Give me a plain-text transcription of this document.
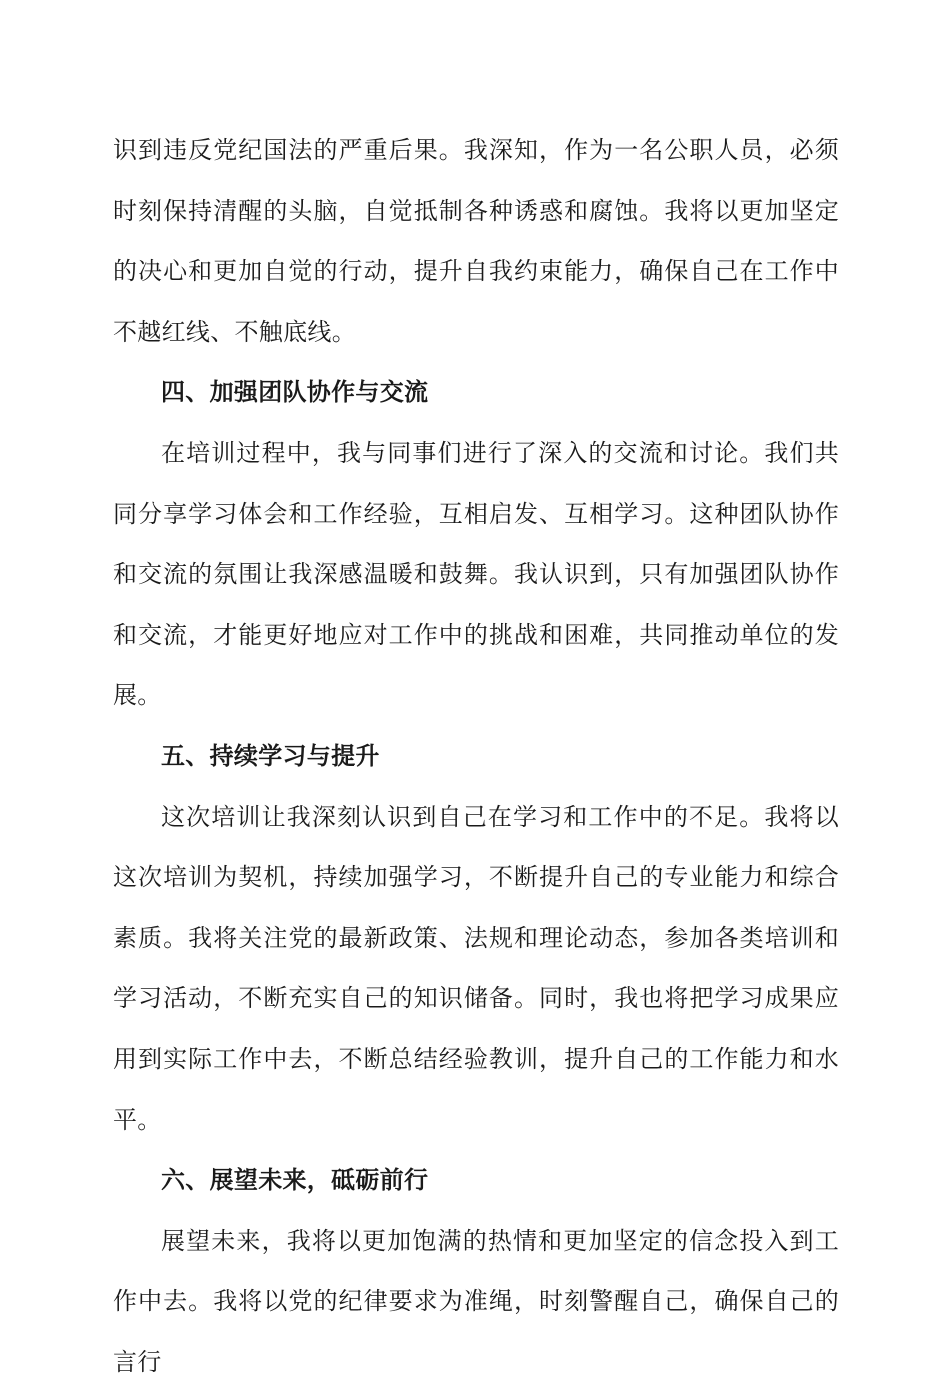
识到违反党纪国法的严重后果。我深知，作为一名公职人员，必须时刻保持清醒的头脑，自觉抵制各种诱惑和腐蚀。我将以更加坚定的决心和更加自觉的行动，提升自我约束能力，确保自己在工作中不越红线、不触底线。

四、加强团队协作与交流

在培训过程中，我与同事们进行了深入的交流和讨论。我们共同分享学习体会和工作经验，互相启发、互相学习。这种团队协作和交流的氛围让我深感温暖和鼓舞。我认识到，只有加强团队协作和交流，才能更好地应对工作中的挑战和困难，共同推动单位的发展。

五、持续学习与提升

这次培训让我深刻认识到自己在学习和工作中的不足。我将以这次培训为契机，持续加强学习，不断提升自己的专业能力和综合素质。我将关注党的最新政策、法规和理论动态，参加各类培训和学习活动，不断充实自己的知识储备。同时，我也将把学习成果应用到实际工作中去，不断总结经验教训，提升自己的工作能力和水平。

六、展望未来，砥砺前行

展望未来，我将以更加饱满的热情和更加坚定的信念投入到工作中去。我将以党的纪律要求为准绳，时刻警醒自己，确保自己的言行
